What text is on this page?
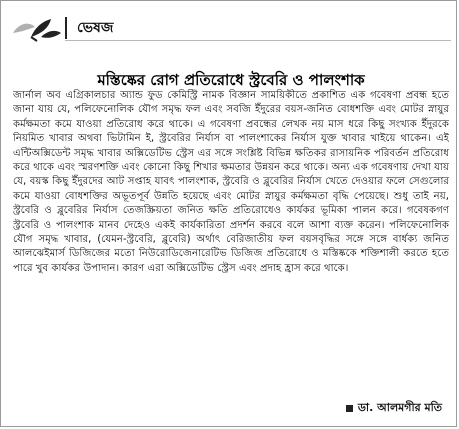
ভেষজ
মস্তিষ্কের রোগ প্রতিরোধে স্ট্রবেরি ও পালংশাক

জার্নাল অব এগ্রিকালচার অ্যান্ড ফুড কেমিস্ট্রি নামক বিজ্ঞান সাময়িকীতে প্রকাশিত এক গবেষণা প্রবন্ধ হতে জানা যায় যে, পলিফেনোলিক যৌগ সমৃদ্ধ ফল এবং সবজি ইঁদুরের বয়স-জনিত বোধশক্তি এবং মোটর স্নায়ুর কর্মক্ষমতা কমে যাওয়া প্রতিরোধ করে থাকে। এ গবেষণা প্রবন্ধের লেখক নয় মাস ধরে কিছু সংখ্যক ইঁদুরকে নিয়মিত খাবার অথবা ভিটামিন ই, স্ট্রবেরির নির্যাস বা পালংশাকের নির্যাস যুক্ত খাবার খাইয়ে থাকেন। এই এন্টিঅক্সিডেন্ট সমৃদ্ধ খাবার অক্সিডেটিভ স্ট্রেস এর সঙ্গে সংশ্লিষ্ট বিভিন্ন ক্ষতিকর রাসায়নিক পরিবর্তন প্রতিরোধ করে থাকে এবং স্মরণশক্তি এবং কোনো কিছু শিখার ক্ষমতার উন্নয়ন করে থাকে। অন্য এক গবেষণায় দেখা যায় যে, বয়স্ক কিছু ইঁদুরদের আট সপ্তাহ যাবৎ পালংশাক, স্ট্রবেরি ও ব্লুবেরির নির্যাস খেতে দেওয়ার ফলে সেগুলোর কমে যাওয়া বোধশক্তির অভূতপূর্ব উন্নতি হয়েছে এবং মোটর স্নায়ুর কর্মক্ষমতা বৃদ্ধি পেয়েছে। শুধু তাই নয়, স্ট্রবেরি ও ব্লুবেরির নির্যাস তেজস্ক্রিয়তা জনিত ক্ষতি প্রতিরোধেও কার্যকর ভূমিকা পালন করে। গবেষকগণ স্ট্রবেরি ও পালংশাক মানব দেহেও একই কার্যকারিতা প্রদর্শন করবে বলে আশা ব্যক্ত করেন। পলিফেনোলিক যৌগ সমৃদ্ধ খাবার, (যেমন-স্ট্রবেরি, ব্লুবেরি) অর্থাৎ বেরিজাতীয় ফল বয়সবৃদ্ধির সঙ্গে সঙ্গে বার্ধক্য জনিত আলঝেইমার্স ডিজিজের মতো নিউরোডিজেনারেটিভ ডিজিজ প্রতিরোধে ও মস্তিষ্ককে শক্তিশালী করতে হতে পারে খুব কার্যকর উপাদান। কারণ এরা অক্সিডেটিভ স্ট্রেস এবং প্রদাহ হ্রাস করে থাকে।

ডা. আলমগীর মতি
